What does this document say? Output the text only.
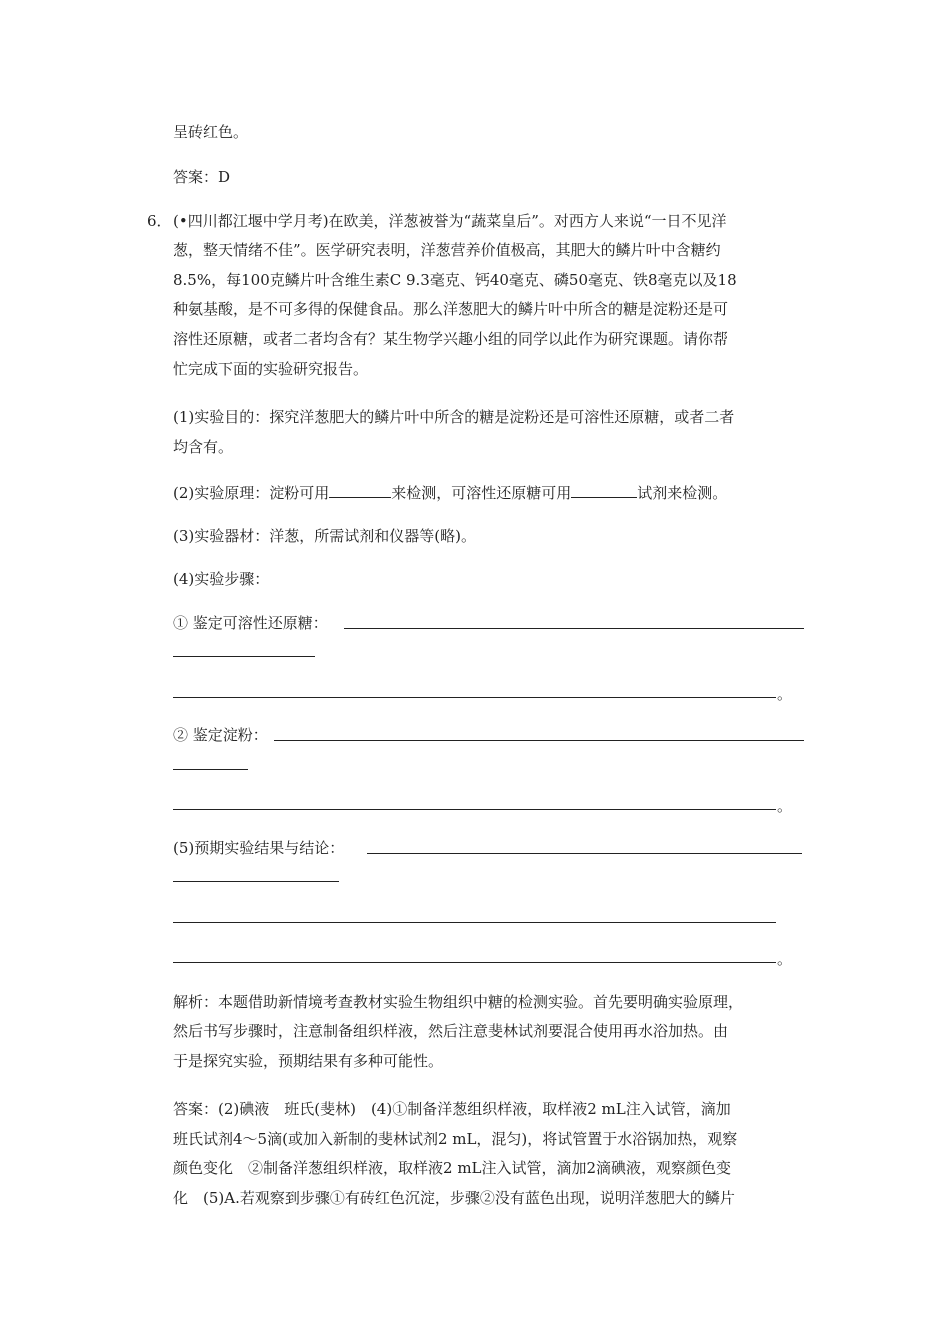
呈砖红色。
答案：D
6． (•四川都江堰中学月考)在欧美，洋葱被誉为“蔬菜皇后”。对西方人来说“一日不见洋
葱，整天情绪不佳”。医学研究表明，洋葱营养价值极高，其肥大的鳞片叶中含糖约
8.5%，每100克鳞片叶含维生素C 9.3毫克、钙40毫克、磷50毫克、铁8毫克以及18
种氨基酸，是不可多得的保健食品。那么洋葱肥大的鳞片叶中所含的糖是淀粉还是可
溶性还原糖，或者二者均含有？某生物学兴趣小组的同学以此作为研究课题。请你帮
忙完成下面的实验研究报告。
(1)实验目的：探究洋葱肥大的鳞片叶中所含的糖是淀粉还是可溶性还原糖，或者二者
均含有。
(2)实验原理：淀粉可用	来检测，可溶性还原糖可用	试剂来检测。
(3)实验器材：洋葱，所需试剂和仪器等(略)。
(4)实验步骤：
① 鉴定可溶性还原糖：
。
② 鉴定淀粉：
。
(5)预期实验结果与结论：
。
解析：本题借助新情境考查教材实验生物组织中糖的检测实验。首先要明确实验原理，
然后书写步骤时，注意制备组织样液，然后注意斐林试剂要混合使用再水浴加热。由
于是探究实验，预期结果有多种可能性。
答案：(2)碘液　班氏(斐林)　(4)①制备洋葱组织样液，取样液2 mL注入试管，滴加
班氏试剂4～5滴(或加入新制的斐林试剂2 mL，混匀)，将试管置于水浴锅加热，观察
颜色变化　②制备洋葱组织样液，取样液2 mL注入试管，滴加2滴碘液，观察颜色变
化　(5)A.若观察到步骤①有砖红色沉淀，步骤②没有蓝色出现，说明洋葱肥大的鳞片
